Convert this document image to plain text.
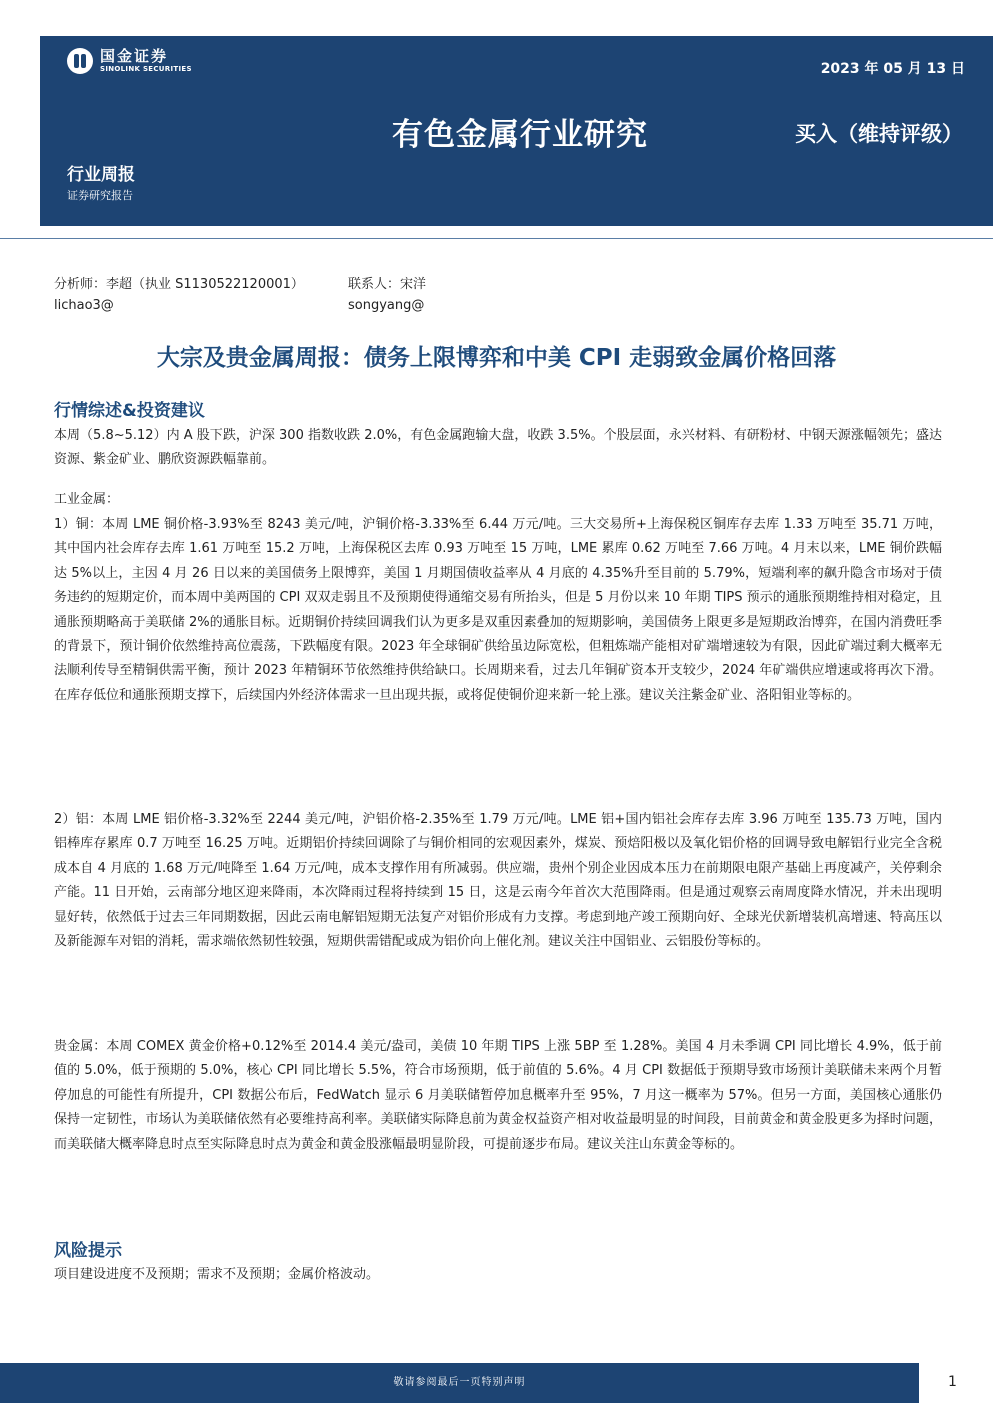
国金证券
SINOLINK SECURITIES	2023 年 05 月 13 日
有色金属行业研究	买入（维持评级）
行业周报
证券研究报告
分析师：李超（执业 S1130522120001）
lichao3@
联系人：宋洋
songyang@
大宗及贵金属周报：债务上限博弈和中美 CPI 走弱致金属价格回落
行情综述&投资建议

本周（5.8~5.12）内 A 股下跌，沪深 300 指数收跌 2.0%，有色金属跑输大盘，收跌 3.5%。个股层面，永兴材料、有研粉材、中钢天源涨幅领先；盛达资源、紫金矿业、鹏欣资源跌幅靠前。

工业金属：

1）铜：本周 LME 铜价格-3.93%至 8243 美元/吨，沪铜价格-3.33%至 6.44 万元/吨。三大交易所+上海保税区铜库存去库 1.33 万吨至 35.71 万吨，其中国内社会库存去库 1.61 万吨至 15.2 万吨，上海保税区去库 0.93 万吨至 15 万吨，LME 累库 0.62 万吨至 7.66 万吨。4 月末以来，LME 铜价跌幅达 5%以上，主因 4 月 26 日以来的美国债务上限博弈，美国 1 月期国债收益率从 4 月底的 4.35%升至目前的 5.79%，短端利率的飙升隐含市场对于债务违约的短期定价，而本周中美两国的 CPI 双双走弱且不及预期使得通缩交易有所抬头，但是 5 月份以来 10 年期 TIPS 预示的通胀预期维持相对稳定，且通胀预期略高于美联储 2%的通胀目标。近期铜价持续回调我们认为更多是双重因素叠加的短期影响，美国债务上限更多是短期政治博弈，在国内消费旺季的背景下，预计铜价依然维持高位震荡，下跌幅度有限。2023 年全球铜矿供给虽边际宽松，但粗炼端产能相对矿端增速较为有限，因此矿端过剩大概率无法顺利传导至精铜供需平衡，预计 2023 年精铜环节依然维持供给缺口。长周期来看，过去几年铜矿资本开支较少，2024 年矿端供应增速或将再次下滑。在库存低位和通胀预期支撑下，后续国内外经济体需求一旦出现共振，或将促使铜价迎来新一轮上涨。建议关注紫金矿业、洛阳钼业等标的。

2）铝：本周 LME 铝价格-3.32%至 2244 美元/吨，沪铝价格-2.35%至 1.79 万元/吨。LME 铝+国内铝社会库存去库 3.96 万吨至 135.73 万吨，国内铝棒库存累库 0.7 万吨至 16.25 万吨。近期铝价持续回调除了与铜价相同的宏观因素外，煤炭、预焙阳极以及氧化铝价格的回调导致电解铝行业完全含税成本自 4 月底的 1.68 万元/吨降至 1.64 万元/吨，成本支撑作用有所减弱。供应端，贵州个别企业因成本压力在前期限电限产基础上再度减产，关停剩余产能。11 日开始，云南部分地区迎来降雨，本次降雨过程将持续到 15 日，这是云南今年首次大范围降雨。但是通过观察云南周度降水情况，并未出现明显好转，依然低于过去三年同期数据，因此云南电解铝短期无法复产对铝价形成有力支撑。考虑到地产竣工预期向好、全球光伏新增装机高增速、特高压以及新能源车对铝的消耗，需求端依然韧性较强，短期供需错配或成为铝价向上催化剂。建议关注中国铝业、云铝股份等标的。

贵金属：本周 COMEX 黄金价格+0.12%至 2014.4 美元/盎司，美债 10 年期 TIPS 上涨 5BP 至 1.28%。美国 4 月未季调 CPI 同比增长 4.9%，低于前值的 5.0%，低于预期的 5.0%，核心 CPI 同比增长 5.5%，符合市场预期，低于前值的 5.6%。4 月 CPI 数据低于预期导致市场预计美联储未来两个月暂停加息的可能性有所提升，CPI 数据公布后，FedWatch 显示 6 月美联储暂停加息概率升至 95%，7 月这一概率为 57%。但另一方面，美国核心通胀仍保持一定韧性，市场认为美联储依然有必要维持高利率。美联储实际降息前为黄金权益资产相对收益最明显的时间段，目前黄金和黄金股更多为择时问题，而美联储大概率降息时点至实际降息时点为黄金和黄金股涨幅最明显阶段，可提前逐步布局。建议关注山东黄金等标的。

风险提示

项目建设进度不及预期；需求不及预期；金属价格波动。

敬请参阅最后一页特别声明	1
